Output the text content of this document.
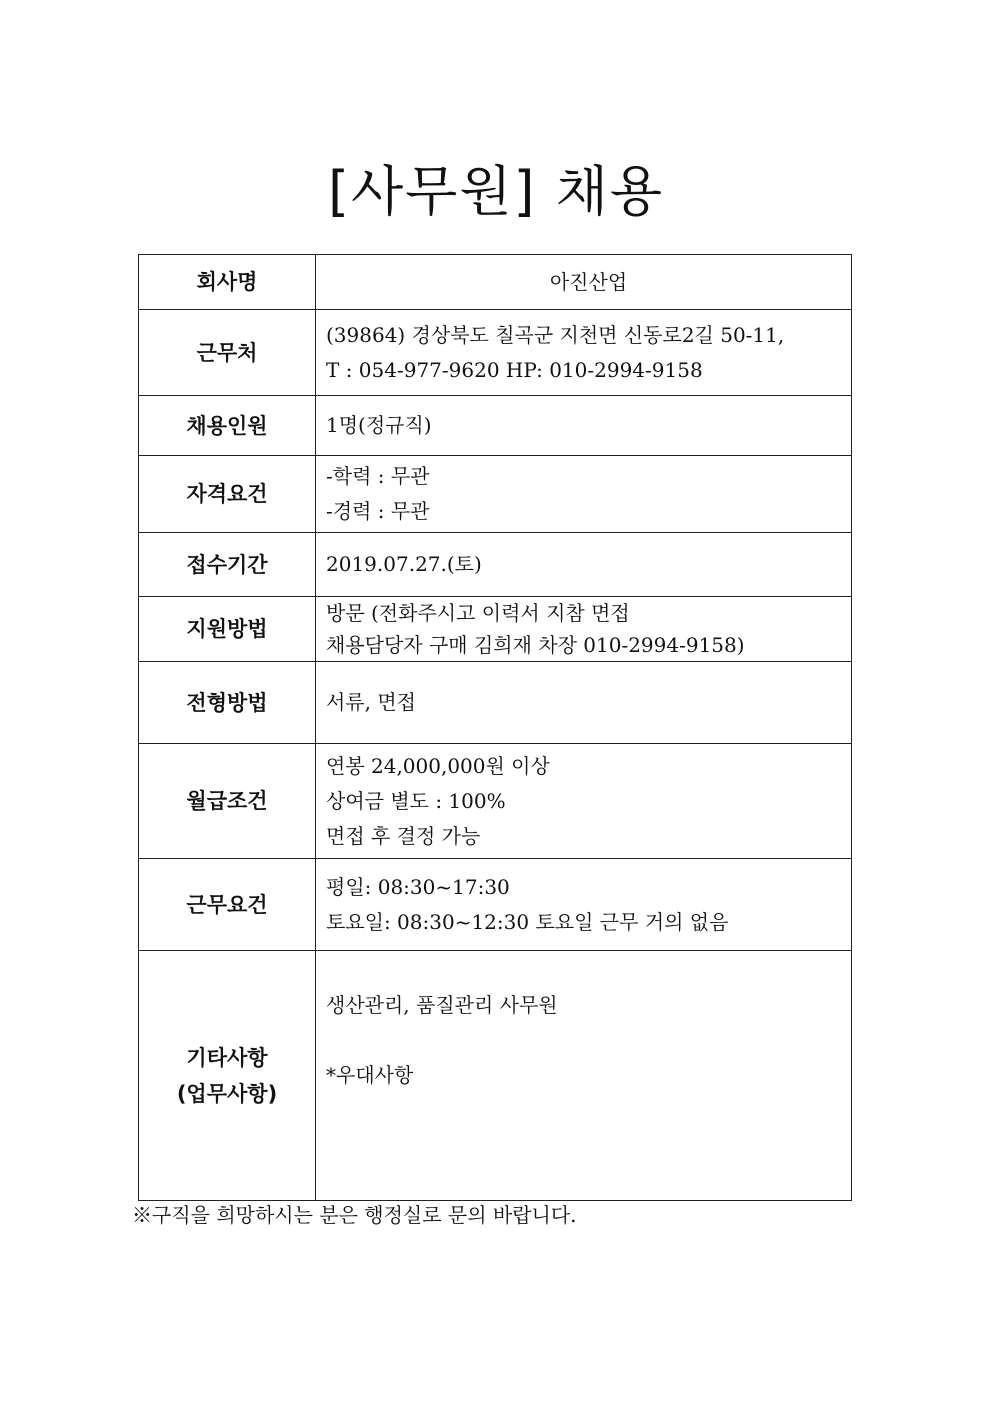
[사무원] 채용
회사명	아진산업
근무처	(39864) 경상북도 칠곡군 지천면 신동로2길 50-11,
T : 054-977-9620 HP: 010-2994-9158

채용인원	1명(정규직)
자격요건	-학력 : 무관
-경력 : 무관

접수기간	2019.07.27.(토)
지원방법	방문 (전화주시고 이력서 지참 면접
채용담당자 구매 김희재 차장 010-2994-9158)

전형방법	서류, 면접
월급조건	연봉 24,000,000원 이상
상여금 별도 : 100%
면접 후 결정 가능

근무요건	평일: 08:30~17:30
토요일: 08:30~12:30 토요일 근무 거의 없음

기타사항
(업무사항)	생산관리, 품질관리 사무원
*우대사항
※구직을 희망하시는 분은 행정실로 문의 바랍니다.
